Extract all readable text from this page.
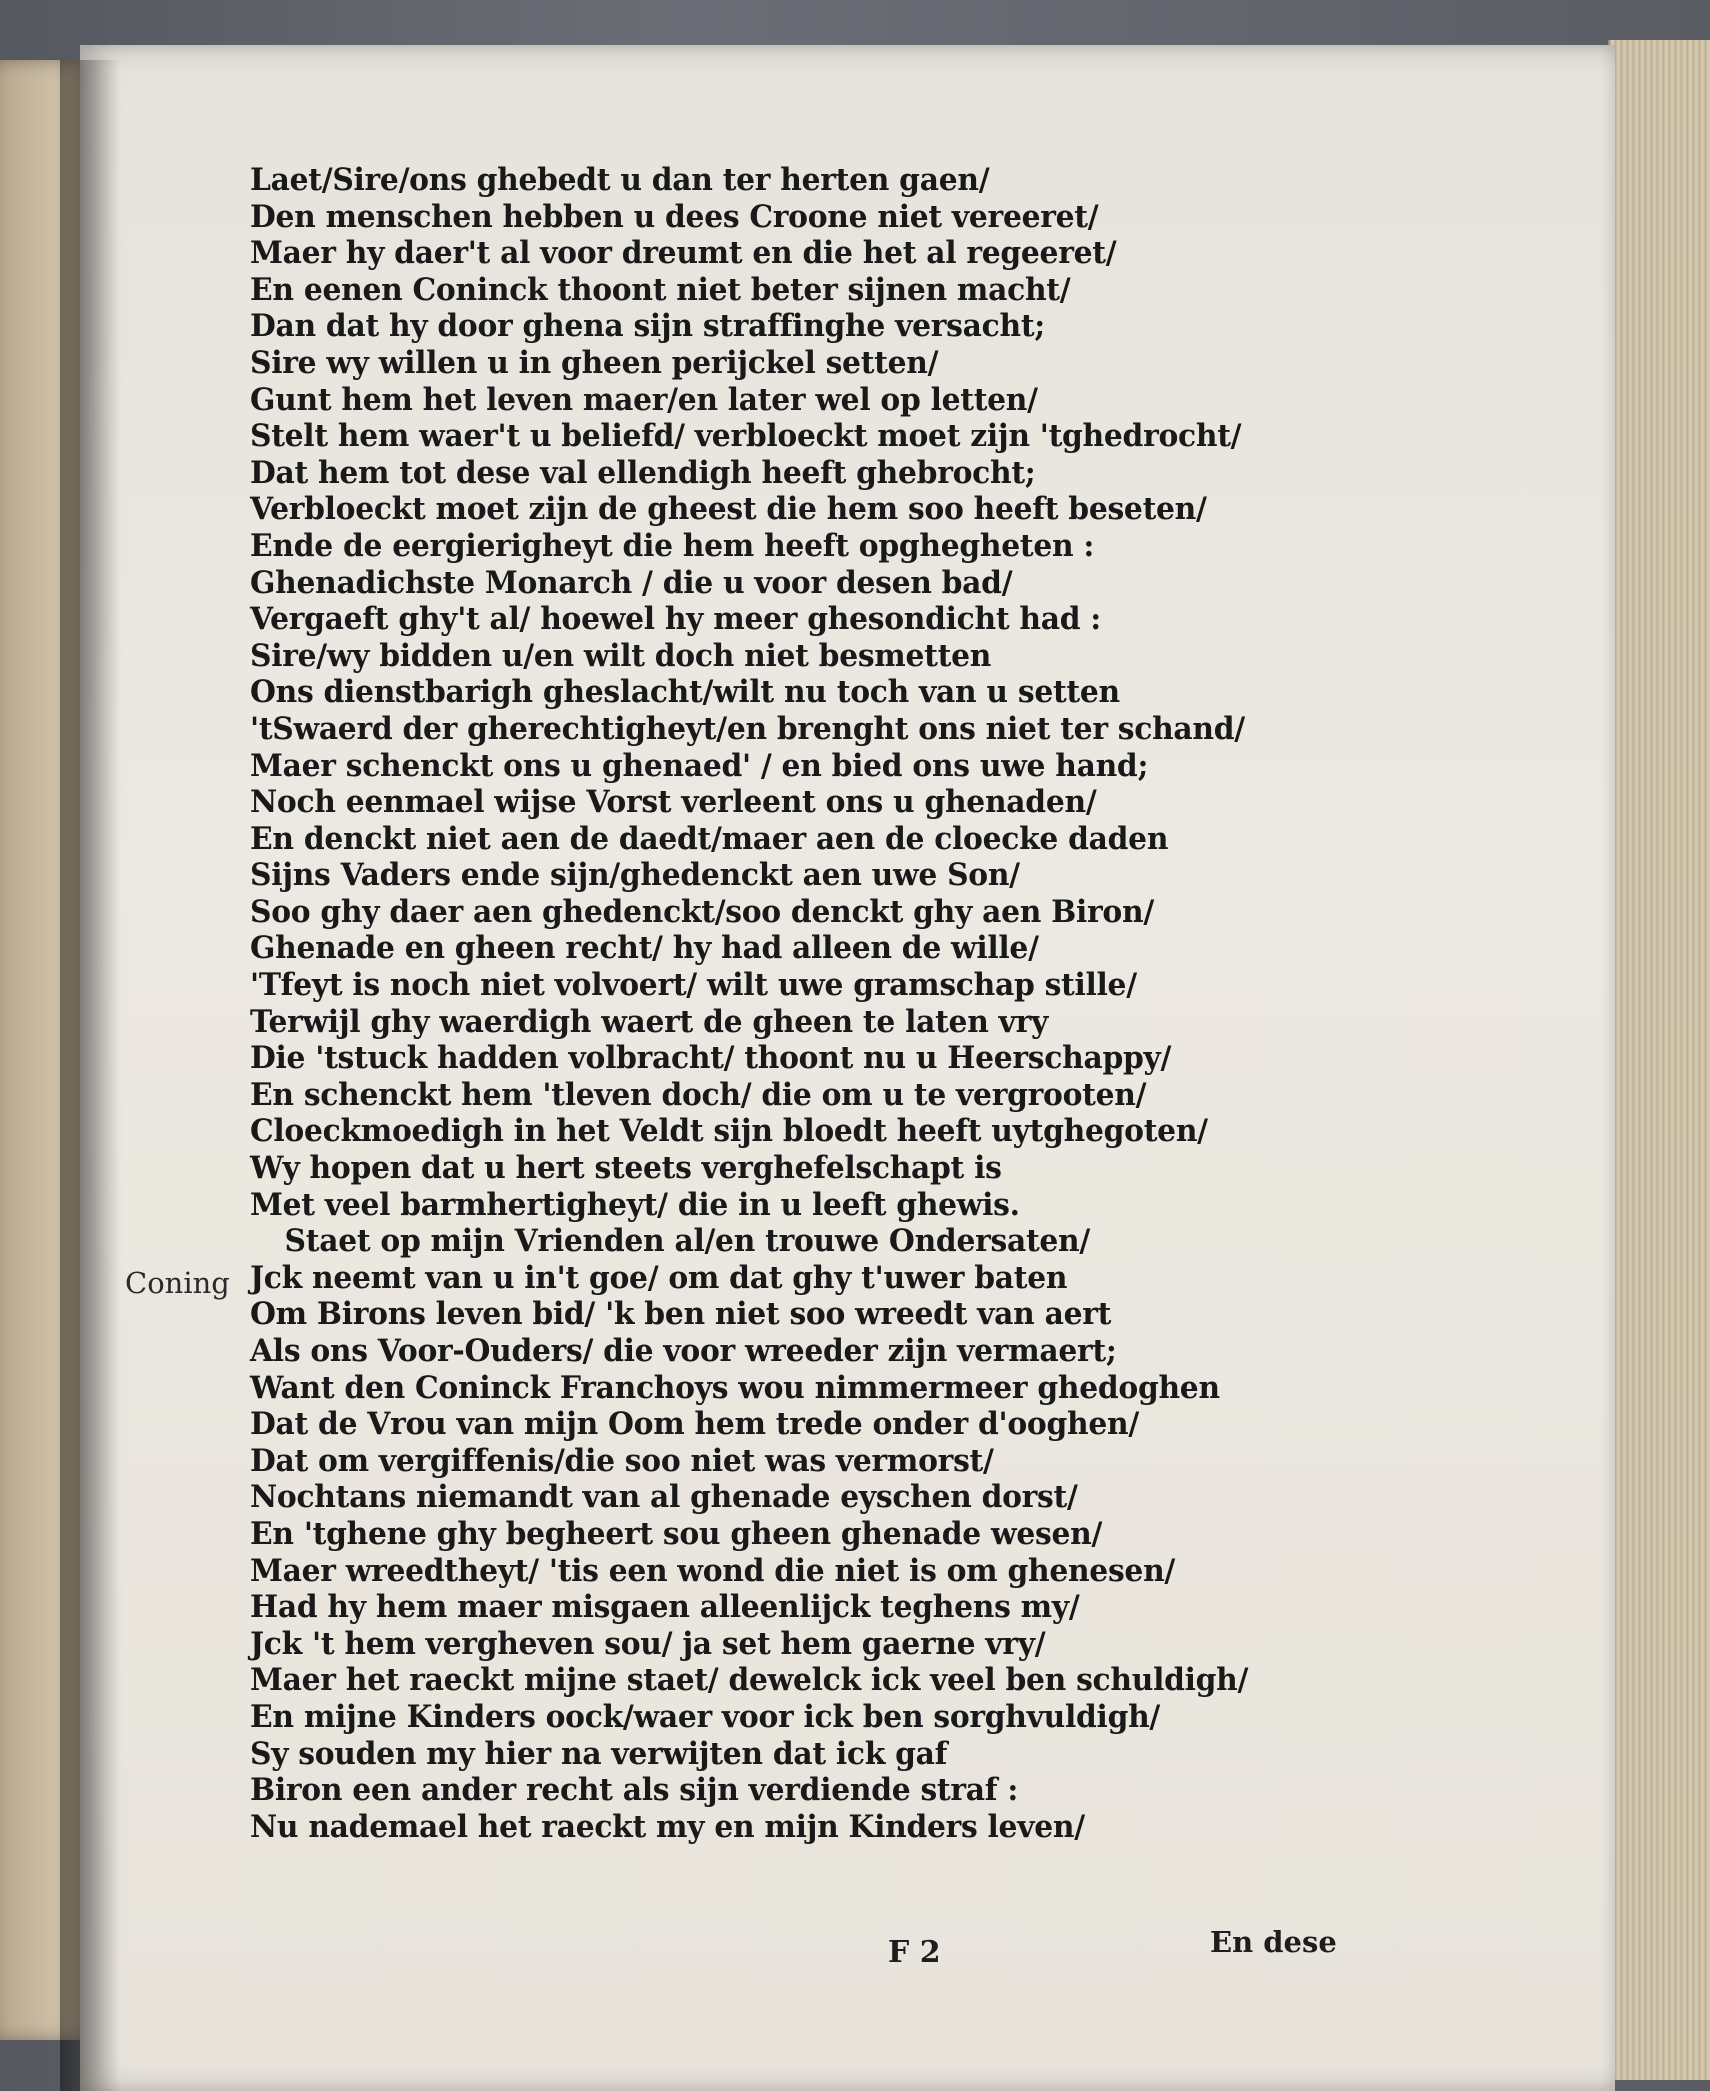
Laet/Sire/ons ghebedt u dan ter herten gaen/
Den menschen hebben u dees Croone niet vereeret/
Maer hy daer't al voor dreumt en die het al regeeret/
En eenen Coninck thoont niet beter sijnen macht/
Dan dat hy door ghena sijn straffinghe versacht;
Sire wy willen u in gheen perijckel setten/
Gunt hem het leven maer/en later wel op letten/
Stelt hem waer't u beliefd/ verbloeckt moet zijn 'tghedrocht/
Dat hem tot dese val ellendigh heeft ghebrocht;
Verbloeckt moet zijn de gheest die hem soo heeft beseten/
Ende de eergierigheyt die hem heeft opghegheten :
Ghenadichste Monarch / die u voor desen bad/
Vergaeft ghy't al/ hoewel hy meer ghesondicht had :
Sire/wy bidden u/en wilt doch niet besmetten
Ons dienstbarigh gheslacht/wilt nu toch van u setten
'tSwaerd der gherechtigheyt/en brenght ons niet ter schand/
Maer schenckt ons u ghenaed' / en bied ons uwe hand;
Noch eenmael wijse Vorst verleent ons u ghenaden/
En denckt niet aen de daedt/maer aen de cloecke daden
Sijns Vaders ende sijn/ghedenckt aen uwe Son/
Soo ghy daer aen ghedenckt/soo denckt ghy aen Biron/
Ghenade en gheen recht/ hy had alleen de wille/
'Tfeyt is noch niet volvoert/ wilt uwe gramschap stille/
Terwijl ghy waerdigh waert de gheen te laten vry
Die 'tstuck hadden volbracht/ thoont nu u Heerschappy/
En schenckt hem 'tleven doch/ die om u te vergrooten/
Cloeckmoedigh in het Veldt sijn bloedt heeft uytghegoten/
Wy hopen dat u hert steets verghefelschapt is
Met veel barmhertigheyt/ die in u leeft ghewis.
Staet op mijn Vrienden al/en trouwe Ondersaten/
Jck neemt van u in't goe/ om dat ghy t'uwer baten
Om Birons leven bid/ 'k ben niet soo wreedt van aert
Als ons Voor-Ouders/ die voor wreeder zijn vermaert;
Want den Coninck Franchoys wou nimmermeer ghedoghen
Dat de Vrou van mijn Oom hem trede onder d'ooghen/
Dat om vergiffenis/die soo niet was vermorst/
Nochtans niemandt van al ghenade eyschen dorst/
En 'tghene ghy begheert sou gheen ghenade wesen/
Maer wreedtheyt/ 'tis een wond die niet is om ghenesen/
Had hy hem maer misgaen alleenlijck teghens my/
Jck 't hem vergheven sou/ ja set hem gaerne vry/
Maer het raeckt mijne staet/ dewelck ick veel ben schuldigh/
En mijne Kinders oock/waer voor ick ben sorghvuldigh/
Sy souden my hier na verwijten dat ick gaf
Biron een ander recht als sijn verdiende straf :
Nu nademael het raeckt my en mijn Kinders leven/
Coning
F 2	En dese
